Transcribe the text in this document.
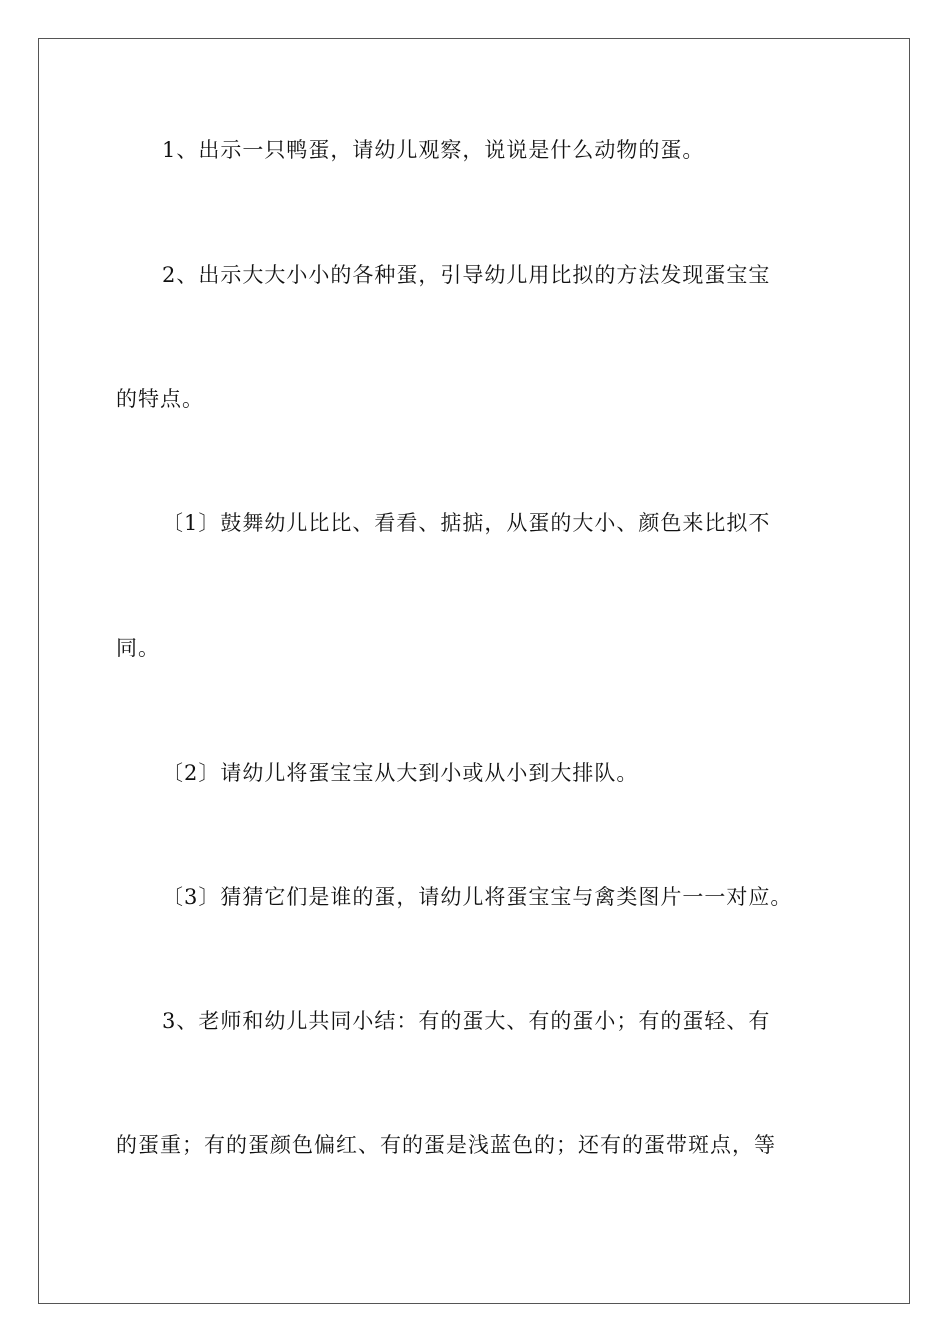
1、出示一只鸭蛋，请幼儿观察，说说是什么动物的蛋。
2、出示大大小小的各种蛋，引导幼儿用比拟的方法发现蛋宝宝
的特点。
〔1〕鼓舞幼儿比比、看看、掂掂，从蛋的大小、颜色来比拟不
同。
〔2〕请幼儿将蛋宝宝从大到小或从小到大排队。
〔3〕猜猜它们是谁的蛋，请幼儿将蛋宝宝与禽类图片一一对应。
3、老师和幼儿共同小结：有的蛋大、有的蛋小；有的蛋轻、有
的蛋重；有的蛋颜色偏红、有的蛋是浅蓝色的；还有的蛋带斑点，等
